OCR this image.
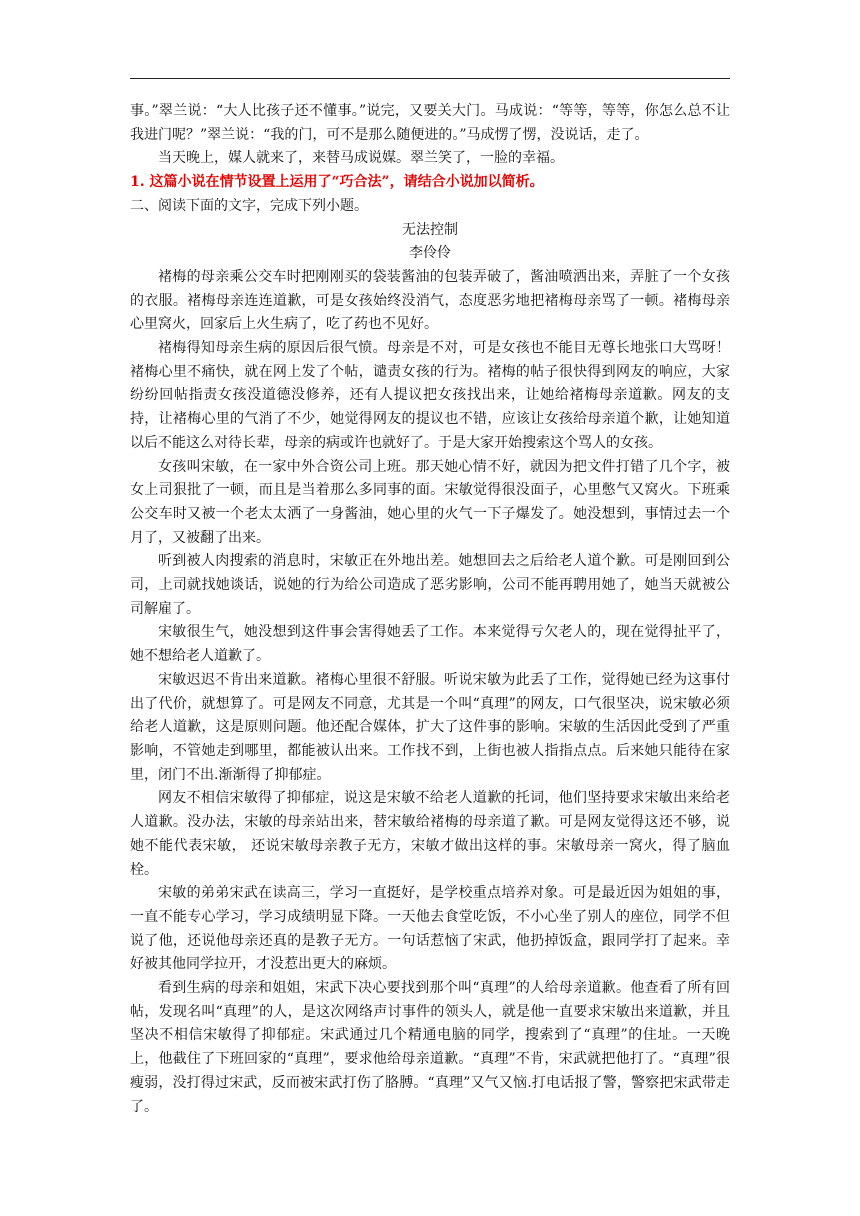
事。”翠兰说：“大人比孩子还不懂事。”说完，又要关大门。马成说：“等等，等等，你怎么总不让我进门呢？”翠兰说：“我的门，可不是那么随便进的。”马成愣了愣，没说话，走了。

当天晚上，媒人就来了，来替马成说媒。翠兰笑了，一脸的幸福。

1. 这篇小说在情节设置上运用了“巧合法”，请结合小说加以简析。

二、阅读下面的文字，完成下列小题。

无法控制

李伶伶

褚梅的母亲乘公交车时把刚刚买的袋装酱油的包装弄破了，酱油喷洒出来，弄脏了一个女孩的衣服。褚梅母亲连连道歉，可是女孩始终没消气，态度恶劣地把褚梅母亲骂了一顿。褚梅母亲心里窝火，回家后上火生病了，吃了药也不见好。

褚梅得知母亲生病的原因后很气愤。母亲是不对，可是女孩也不能目无尊长地张口大骂呀！褚梅心里不痛快，就在网上发了个帖，谴责女孩的行为。褚梅的帖子很快得到网友的响应，大家纷纷回帖指责女孩没道德没修养，还有人提议把女孩找出来，让她给褚梅母亲道歉。网友的支持，让褚梅心里的气消了不少，她觉得网友的提议也不错，应该让女孩给母亲道个歉，让她知道以后不能这么对待长辈，母亲的病或许也就好了。于是大家开始搜索这个骂人的女孩。

女孩叫宋敏，在一家中外合资公司上班。那天她心情不好，就因为把文件打错了几个字，被女上司狠批了一顿，而且是当着那么多同事的面。宋敏觉得很没面子，心里憋气又窝火。下班乘公交车时又被一个老太太洒了一身酱油，她心里的火气一下子爆发了。她没想到，事情过去一个月了，又被翻了出来。

听到被人肉搜索的消息时，宋敏正在外地出差。她想回去之后给老人道个歉。可是刚回到公司，上司就找她谈话，说她的行为给公司造成了恶劣影响，公司不能再聘用她了，她当天就被公司解雇了。

宋敏很生气，她没想到这件事会害得她丢了工作。本来觉得亏欠老人的，现在觉得扯平了，她不想给老人道歉了。

宋敏迟迟不肯出来道歉。褚梅心里很不舒服。听说宋敏为此丢了工作，觉得她已经为这事付出了代价，就想算了。可是网友不同意，尤其是一个叫“真理”的网友，口气很坚决，说宋敏必须给老人道歉，这是原则问题。他还配合媒体，扩大了这件事的影响。宋敏的生活因此受到了严重影响，不管她走到哪里，都能被认出来。工作找不到，上街也被人指指点点。后来她只能待在家里，闭门不出.渐渐得了抑郁症。

网友不相信宋敏得了抑郁症，说这是宋敏不给老人道歉的托词，他们坚持要求宋敏出来给老人道歉。没办法，宋敏的母亲站出来，替宋敏给褚梅的母亲道了歉。可是网友觉得这还不够，说她不能代表宋敏， 还说宋敏母亲教子无方，宋敏才做出这样的事。宋敏母亲一窝火，得了脑血栓。

宋敏的弟弟宋武在读高三，学习一直挺好，是学校重点培养对象。可是最近因为姐姐的事，一直不能专心学习，学习成绩明显下降。一天他去食堂吃饭，不小心坐了别人的座位，同学不但说了他，还说他母亲还真的是教子无方。一句话惹恼了宋武，他扔掉饭盒，跟同学打了起来。幸好被其他同学拉开，才没惹出更大的麻烦。

看到生病的母亲和姐姐，宋武下决心要找到那个叫“真理”的人给母亲道歉。他查看了所有回帖，发现名叫“真理”的人，是这次网络声讨事件的领头人，就是他一直要求宋敏出来道歉，并且坚决不相信宋敏得了抑郁症。宋武通过几个精通电脑的同学，搜索到了“真理”的住址。一天晚上，他截住了下班回家的“真理”，要求他给母亲道歉。“真理”不肯，宋武就把他打了。“真理”很瘦弱，没打得过宋武，反而被宋武打伤了胳膊。“真理”又气又恼.打电话报了警，警察把宋武带走了。
